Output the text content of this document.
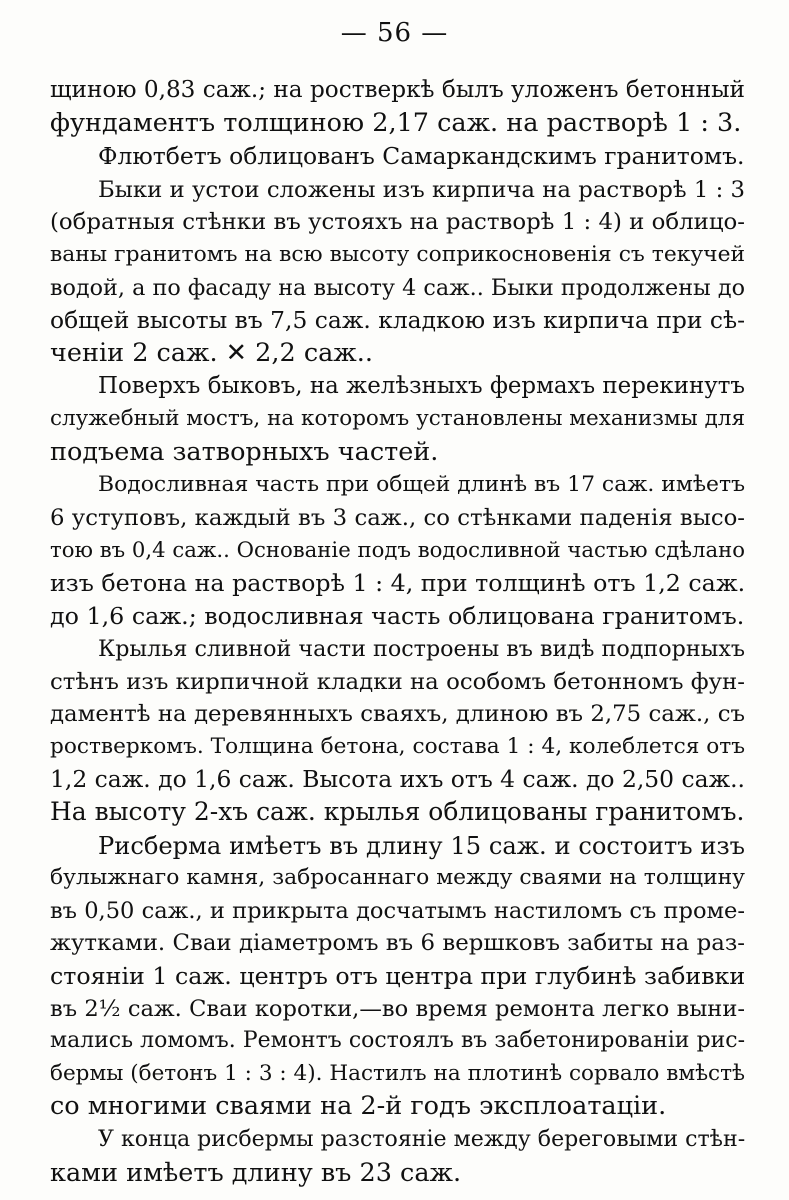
— 56 —
щиною 0,83 саж.; на ростверкѣ былъ уложенъ бетонный
фундаментъ толщиною 2,17 саж. на растворѣ 1 : 3.
Флютбетъ облицованъ Самаркандскимъ гранитомъ.
Быки и устои сложены изъ кирпича на растворѣ 1 : 3
(обратныя стѣнки въ устояхъ на растворѣ 1 : 4) и облицо-
ваны гранитомъ на всю высоту соприкосновенія съ текучей
водой, а по фасаду на высоту 4 саж.. Быки продолжены до
общей высоты въ 7,5 саж. кладкою изъ кирпича при сѣ-
ченіи 2 саж. ✕ 2,2 саж..
Поверхъ быковъ, на желѣзныхъ фермахъ перекинутъ
служебный мостъ, на которомъ установлены механизмы для
подъема затворныхъ частей.
Водосливная часть при общей длинѣ въ 17 саж. имѣетъ
6 уступовъ, каждый въ 3 саж., со стѣнками паденія высо-
тою въ 0,4 саж.. Основаніе подъ водосливной частью сдѣлано
изъ бетона на растворѣ 1 : 4, при толщинѣ отъ 1,2 саж.
до 1,6 саж.; водосливная часть облицована гранитомъ.
Крылья сливной части построены въ видѣ подпорныхъ
стѣнъ изъ кирпичной кладки на особомъ бетонномъ фун-
даментѣ на деревянныхъ сваяхъ, длиною въ 2,75 саж., съ
ростверкомъ. Толщина бетона, состава 1 : 4, колеблется отъ
1,2 саж. до 1,6 саж. Высота ихъ отъ 4 саж. до 2,50 саж..
На высоту 2-хъ саж. крылья облицованы гранитомъ.
Рисберма имѣетъ въ длину 15 саж. и состоитъ изъ
булыжнаго камня, забросаннаго между сваями на толщину
въ 0,50 саж., и прикрыта досчатымъ настиломъ съ проме-
жутками. Сваи діаметромъ въ 6 вершковъ забиты на раз-
стояніи 1 саж. центръ отъ центра при глубинѣ забивки
въ 2½ саж. Сваи коротки,—во время ремонта легко выни-
мались ломомъ. Ремонтъ состоялъ въ забетонированіи рис-
бермы (бетонъ 1 : 3 : 4). Настилъ на плотинѣ сорвало вмѣстѣ
со многими сваями на 2-й годъ эксплоатаціи.
У конца рисбермы разстояніе между береговыми стѣн-
ками имѣетъ длину въ 23 саж.
